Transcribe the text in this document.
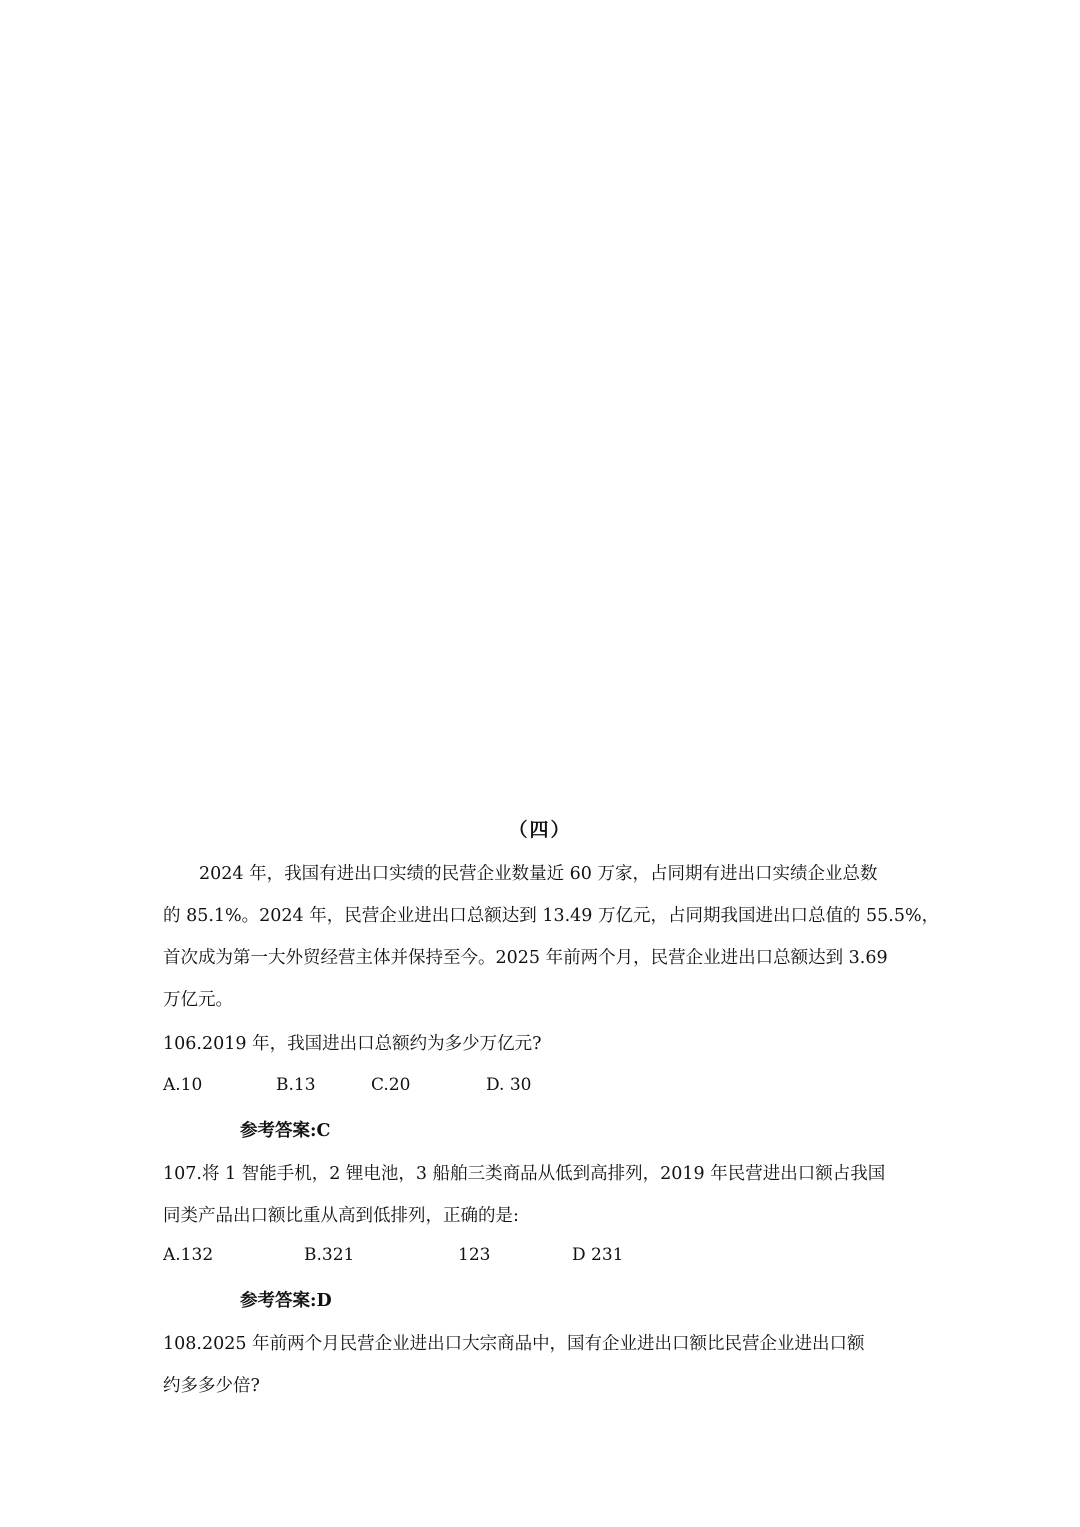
（四）
2024 年，我国有进出口实绩的民营企业数量近 60 万家，占同期有进出口实绩企业总数
的 85.1%。2024 年，民营企业进出口总额达到 13.49 万亿元，占同期我国进出口总值的 55.5%，
首次成为第一大外贸经营主体并保持至今。2025 年前两个月，民营企业进出口总额达到 3.69
万亿元。
106.2019 年，我国进出口总额约为多少万亿元?
A.10	B.13	C.20	D. 30
参考答案:C
107.将 1 智能手机，2 锂电池，3 船舶三类商品从低到高排列，2019 年民营进出口额占我国
同类产品出口额比重从高到低排列，正确的是:
A.132	B.321	123	D 231
参考答案:D
108.2025 年前两个月民营企业进出口大宗商品中，国有企业进出口额比民营企业进出口额
约多多少倍?
